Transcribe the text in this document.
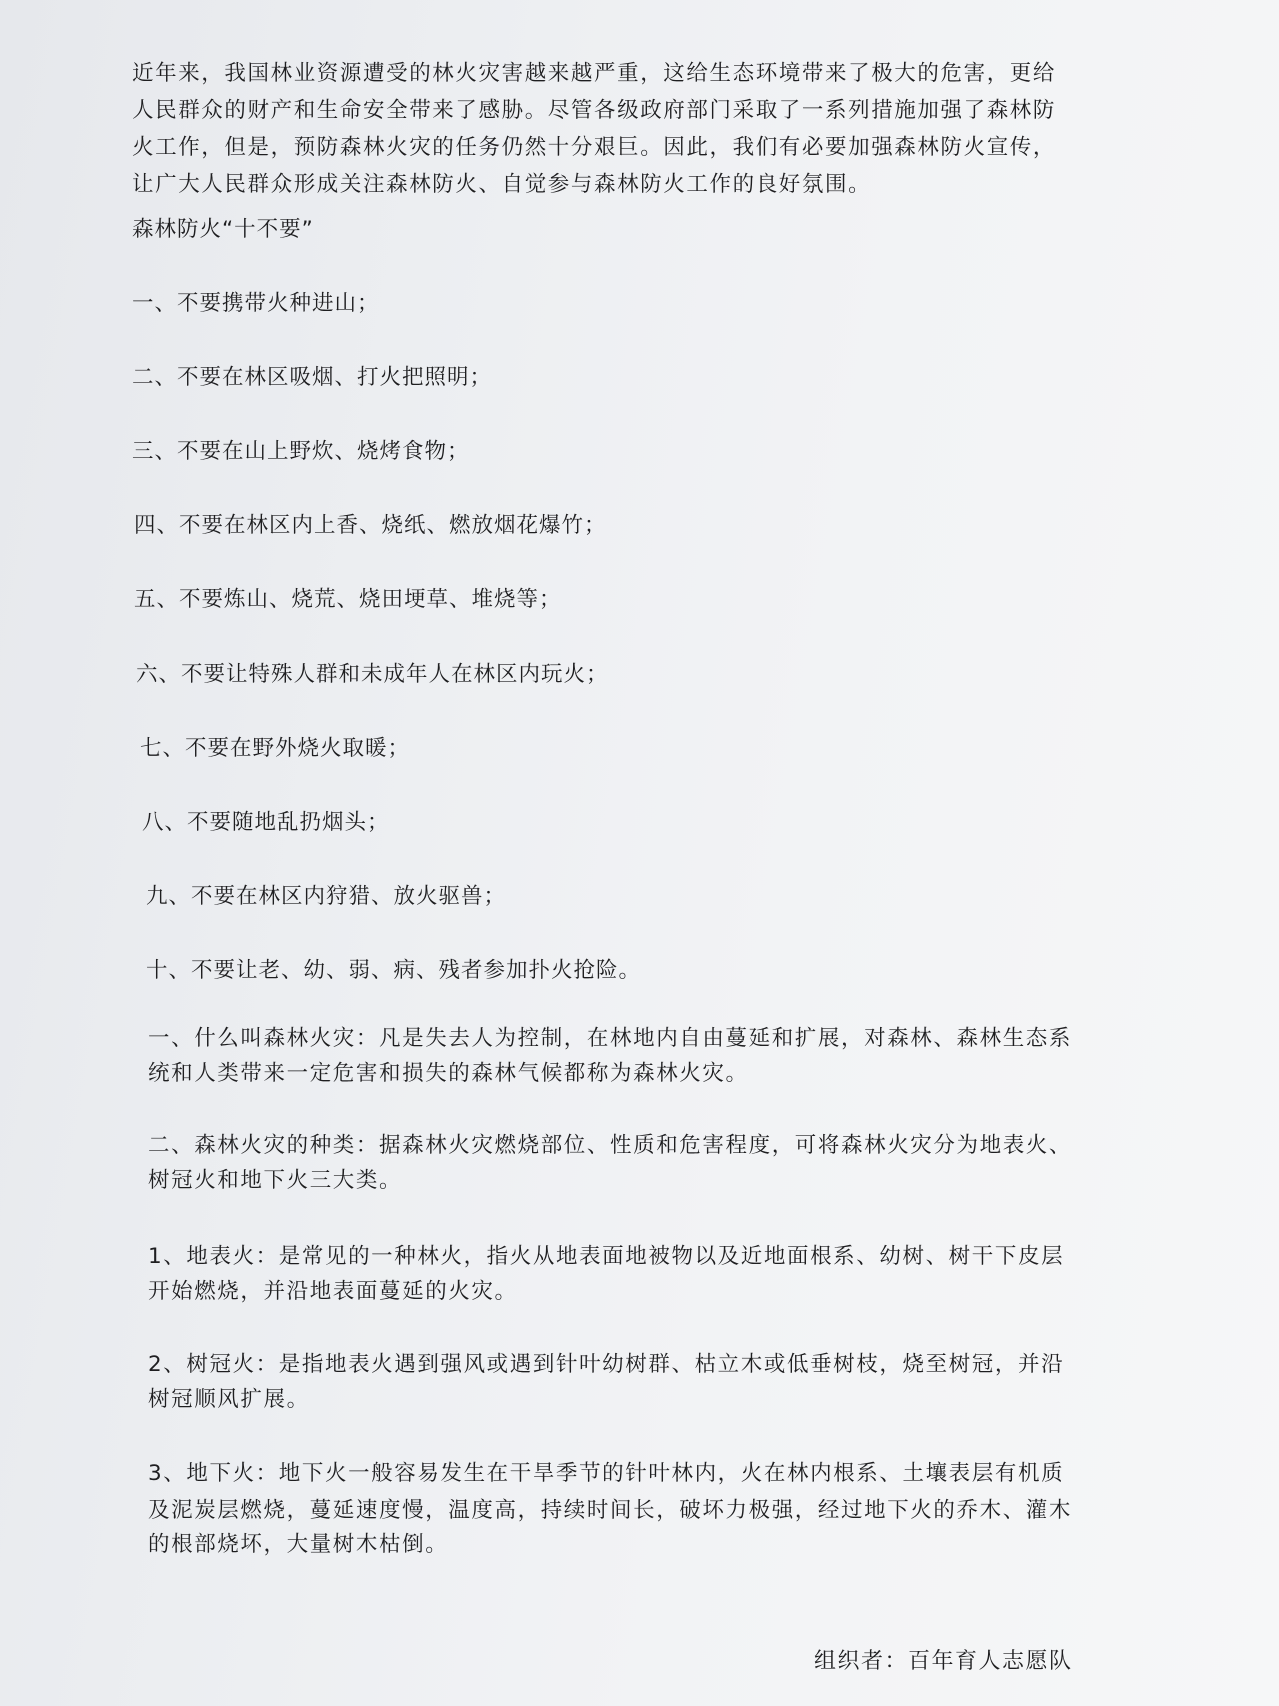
近年来，我国林业资源遭受的林火灾害越来越严重，这给生态环境带来了极大的危害，更给

人民群众的财产和生命安全带来了感胁。尽管各级政府部门采取了一系列措施加强了森林防

火工作，但是，预防森林火灾的任务仍然十分艰巨。因此，我们有必要加强森林防火宣传，

让广大人民群众形成关注森林防火、自觉参与森林防火工作的良好氛围。

森林防火“十不要”

一、不要携带火种进山；

二、不要在林区吸烟、打火把照明；

三、不要在山上野炊、烧烤食物；

四、不要在林区内上香、烧纸、燃放烟花爆竹；

五、不要炼山、烧荒、烧田埂草、堆烧等；

六、不要让特殊人群和未成年人在林区内玩火；

七、不要在野外烧火取暖；

八、不要随地乱扔烟头；

九、不要在林区内狩猎、放火驱兽；

十、不要让老、幼、弱、病、残者参加扑火抢险。

一、什么叫森林火灾：凡是失去人为控制，在林地内自由蔓延和扩展，对森林、森林生态系

统和人类带来一定危害和损失的森林气候都称为森林火灾。

二、森林火灾的种类：据森林火灾燃烧部位、性质和危害程度，可将森林火灾分为地表火、

树冠火和地下火三大类。

1、地表火：是常见的一种林火，指火从地表面地被物以及近地面根系、幼树、树干下皮层

开始燃烧，并沿地表面蔓延的火灾。

2、树冠火：是指地表火遇到强风或遇到针叶幼树群、枯立木或低垂树枝，烧至树冠，并沿

树冠顺风扩展。

3、地下火：地下火一般容易发生在干旱季节的针叶林内，火在林内根系、土壤表层有机质

及泥炭层燃烧，蔓延速度慢，温度高，持续时间长，破坏力极强，经过地下火的乔木、灌木

的根部烧坏，大量树木枯倒。

组织者：百年育人志愿队
